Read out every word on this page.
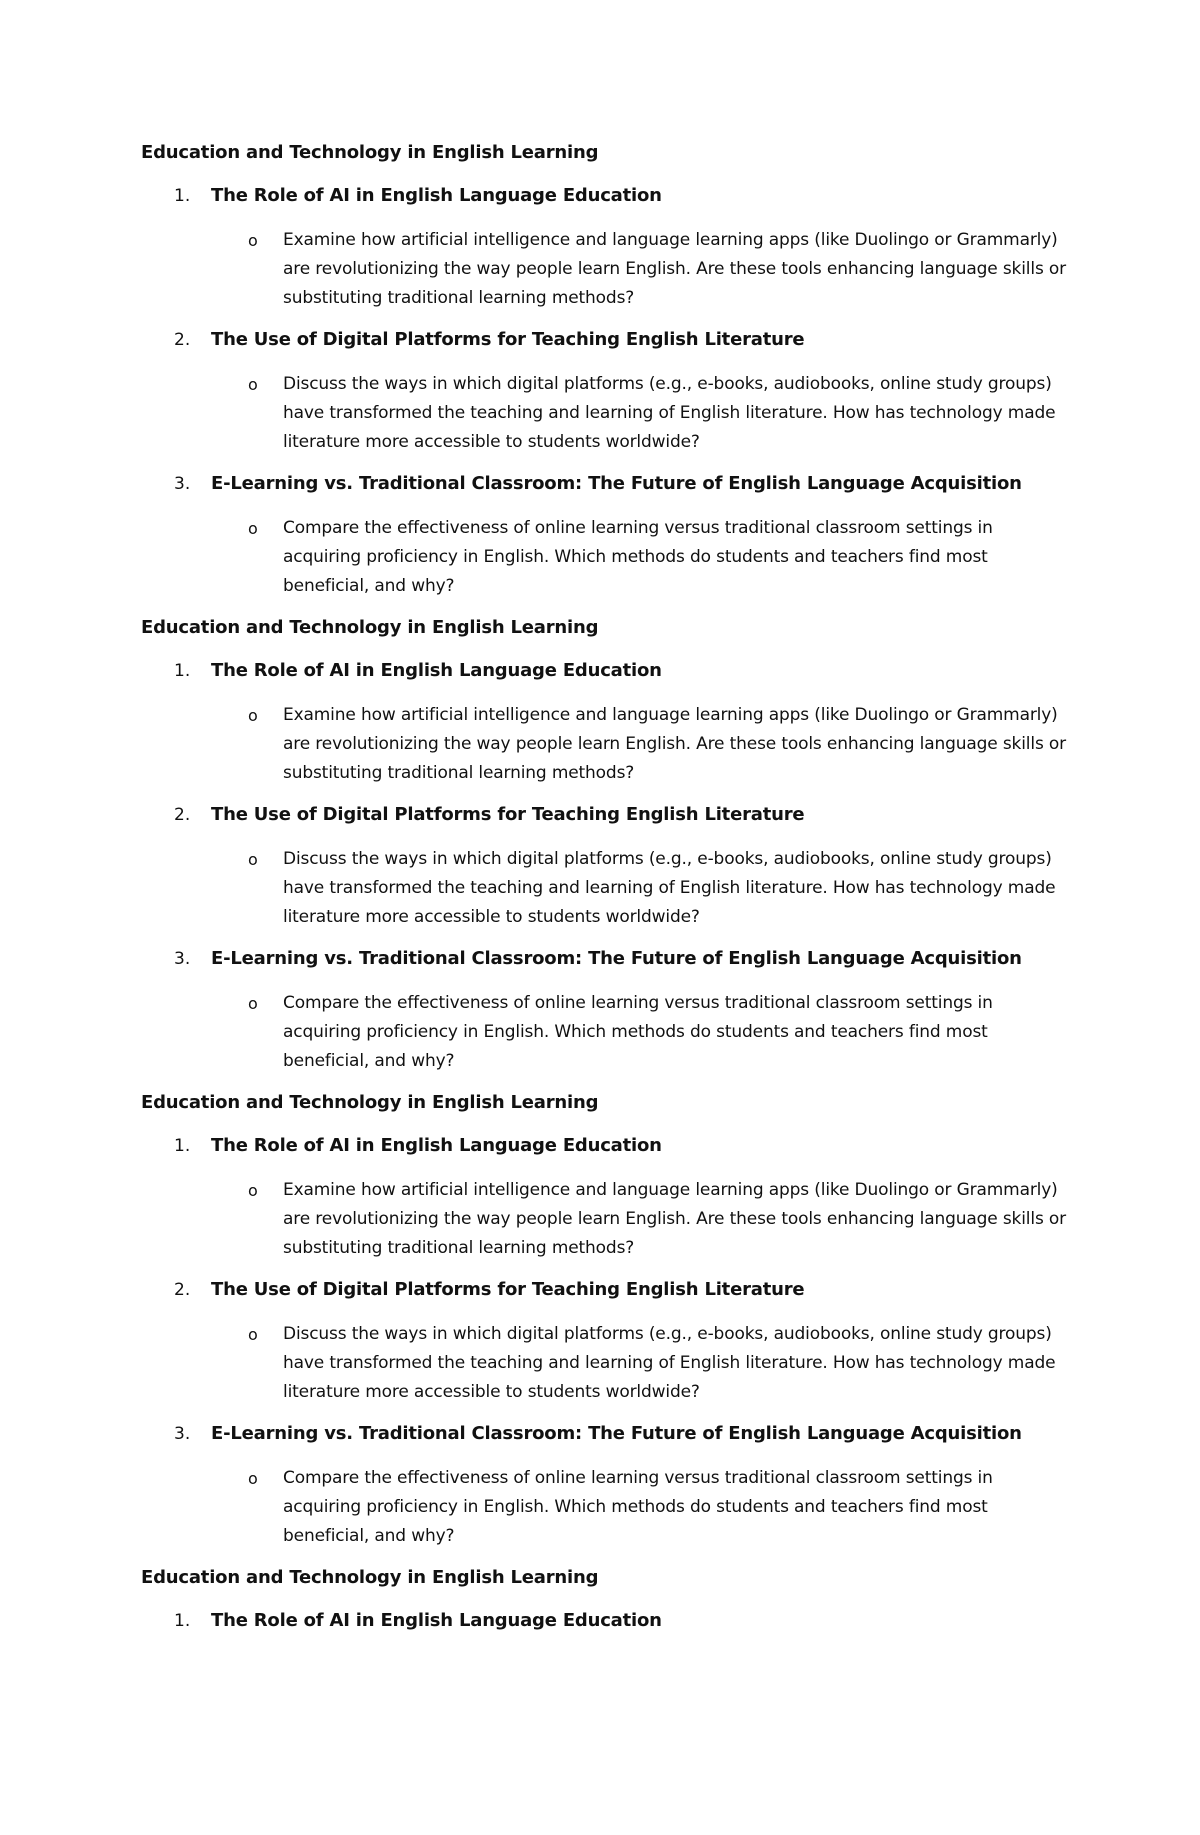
Education and Technology in English Learning
1. The Role of AI in English Language Education
o Examine how artificial intelligence and language learning apps (like Duolingo or Grammarly) are revolutionizing the way people learn English. Are these tools enhancing language skills or substituting traditional learning methods?
2. The Use of Digital Platforms for Teaching English Literature
o Discuss the ways in which digital platforms (e.g., e-books, audiobooks, online study groups) have transformed the teaching and learning of English literature. How has technology made literature more accessible to students worldwide?
3. E-Learning vs. Traditional Classroom: The Future of English Language Acquisition
o Compare the effectiveness of online learning versus traditional classroom settings in acquiring proficiency in English. Which methods do students and teachers find most beneficial, and why?
Education and Technology in English Learning
1. The Role of AI in English Language Education
o Examine how artificial intelligence and language learning apps (like Duolingo or Grammarly) are revolutionizing the way people learn English. Are these tools enhancing language skills or substituting traditional learning methods?
2. The Use of Digital Platforms for Teaching English Literature
o Discuss the ways in which digital platforms (e.g., e-books, audiobooks, online study groups) have transformed the teaching and learning of English literature. How has technology made literature more accessible to students worldwide?
3. E-Learning vs. Traditional Classroom: The Future of English Language Acquisition
o Compare the effectiveness of online learning versus traditional classroom settings in acquiring proficiency in English. Which methods do students and teachers find most beneficial, and why?
Education and Technology in English Learning
1. The Role of AI in English Language Education
o Examine how artificial intelligence and language learning apps (like Duolingo or Grammarly) are revolutionizing the way people learn English. Are these tools enhancing language skills or substituting traditional learning methods?
2. The Use of Digital Platforms for Teaching English Literature
o Discuss the ways in which digital platforms (e.g., e-books, audiobooks, online study groups) have transformed the teaching and learning of English literature. How has technology made literature more accessible to students worldwide?
3. E-Learning vs. Traditional Classroom: The Future of English Language Acquisition
o Compare the effectiveness of online learning versus traditional classroom settings in acquiring proficiency in English. Which methods do students and teachers find most beneficial, and why?
Education and Technology in English Learning
1. The Role of AI in English Language Education
